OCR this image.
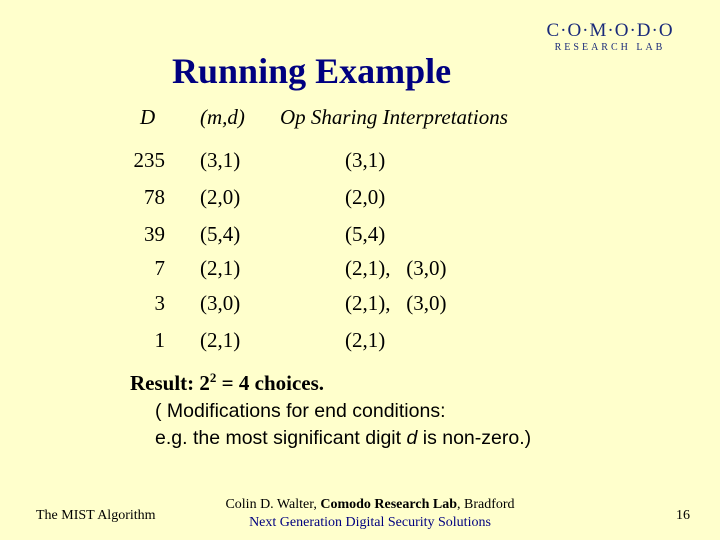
C·O·M·O·D·O
RESEARCH LAB
Running Example
D (m,d) Op Sharing Interpretations
235 (3,1)	(3,1)
78 (2,0)	(2,0)
39 (5,4)	(5,4)
7 (2,1)	(2,1),   (3,0)
3 (3,0)	(2,1),   (3,0)
1 (2,1)	(2,1)
Result: $2^2 = 4$ choices.
( Modifications for end conditions:
e.g. the most significant digit d is non-zero.)
The MIST Algorithm
Colin D. Walter, Comodo Research Lab, Bradford
Next Generation Digital Security Solutions	16
